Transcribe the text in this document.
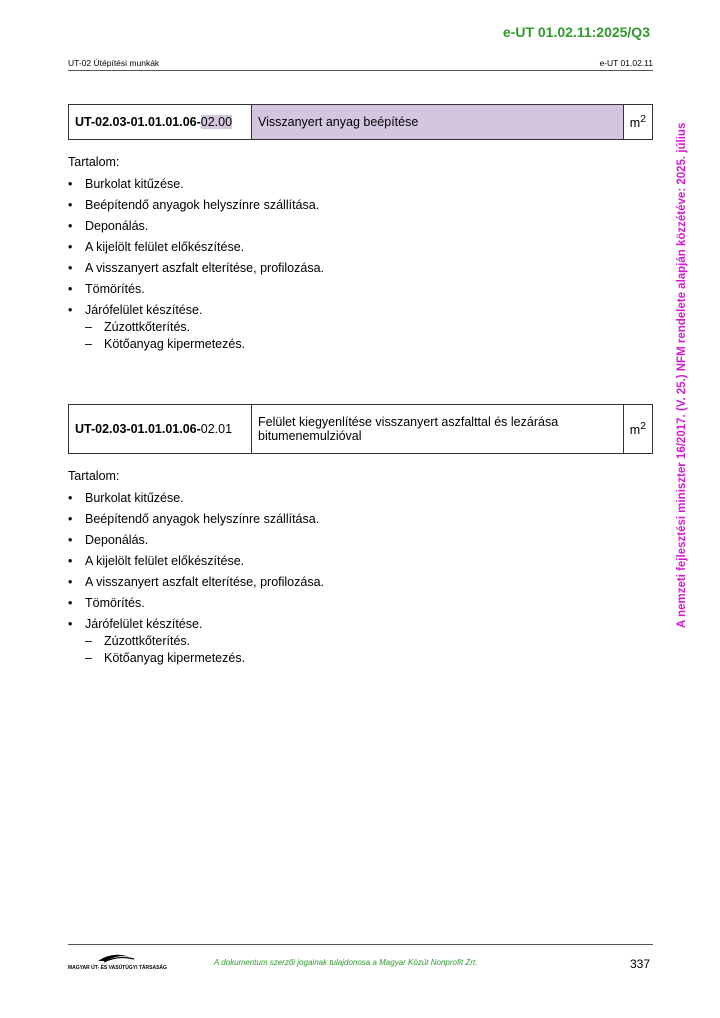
e-UT 01.02.11:2025/Q3
UT-02 Útépítési munkák	e-UT 01.02.11
A nemzeti fejlesztési miniszter 16/2017. (V. 25.) NFM rendelete alapján közzétéve: 2025. július
UT-02.03-01.01.01.06-02.00	Visszanyert anyag beépítése	$m^2$
Tartalom:
• Burkolat kitűzése.
• Beépítendő anyagok helyszínre szállítása.
• Deponálás.
• A kijelölt felület előkészítése.
• A visszanyert aszfalt elterítése, profilozása.
• Tömörítés.
• Járófelület készítése.
– Zúzottkőterítés.
– Kötőanyag kipermetezés.
UT-02.03-01.01.01.06-02.01	Felület kiegyenlítése visszanyert aszfalttal és lezárása bitumenemulzióval	$m^2$
Tartalom:
• Burkolat kitűzése.
• Beépítendő anyagok helyszínre szállítása.
• Deponálás.
• A kijelölt felület előkészítése.
• A visszanyert aszfalt elterítése, profilozása.
• Tömörítés.
• Járófelület készítése.
– Zúzottkőterítés.
– Kötőanyag kipermetezés.
MAGYAR ÚT- ÉS VASÚTÜGYI TÁRSASÁG
A dokumentum szerzői jogainak tulajdonosa a Magyar Közút Nonprofit Zrt.	337
